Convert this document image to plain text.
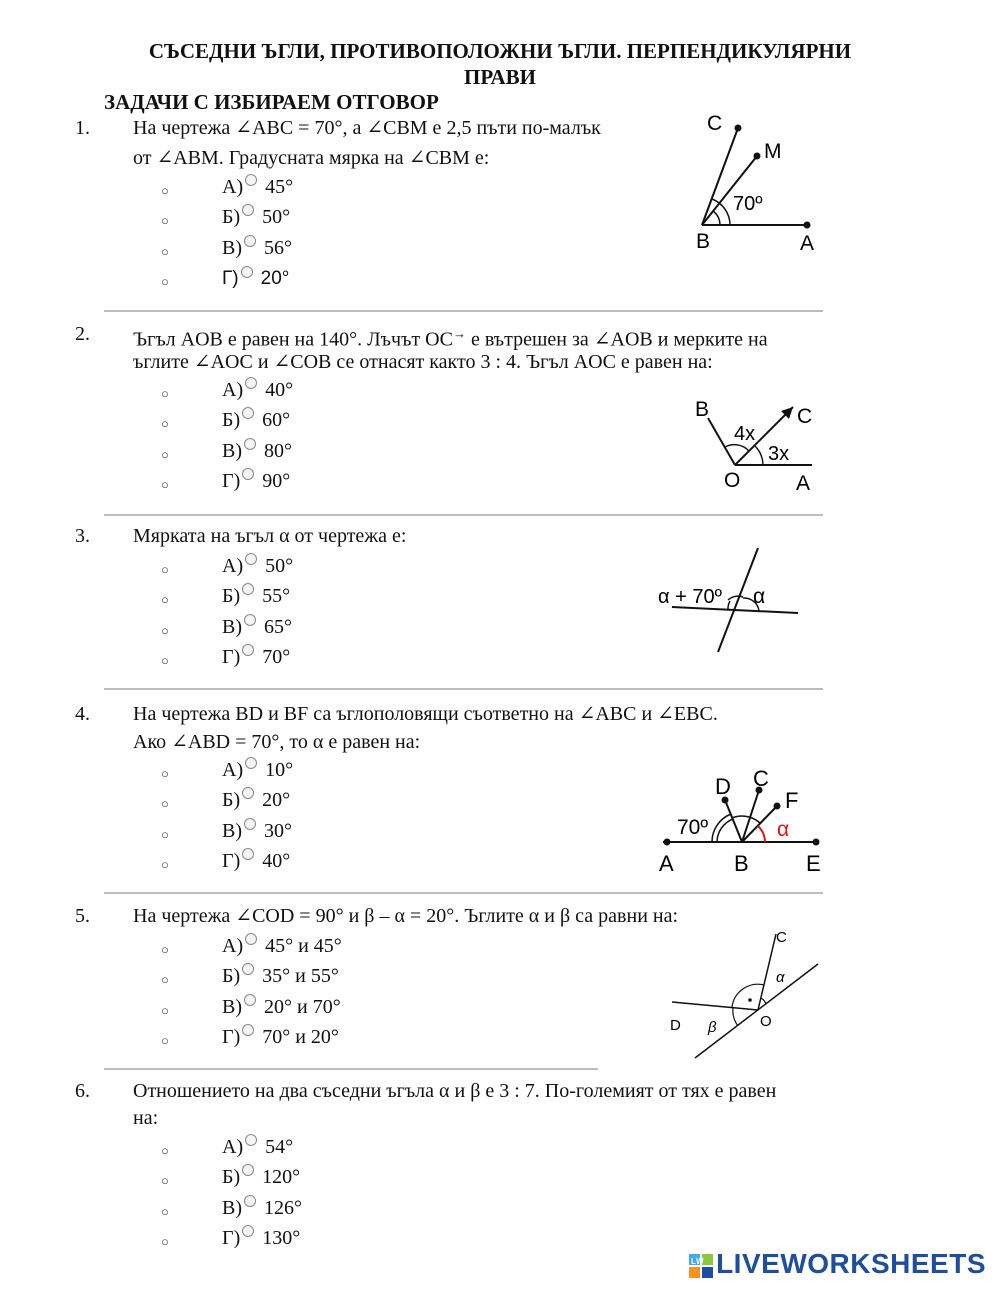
СЪСЕДНИ ЪГЛИ, ПРОТИВОПОЛОЖНИ ЪГЛИ. ПЕРПЕНДИКУЛЯРНИ
ПРАВИ
ЗАДАЧИ С ИЗБИРАЕМ ОТГОВОР
1. На чертежа ∠ABC = 70°, а ∠CBM е 2,5 пъти по-малък
от ∠ABM. Градусната мярка на ∠CBM е:
○	А) 45°
○	Б) 50°
○	В) 56°
○	Г) 20°
C
M
70º
B	A
2. Ъгъл AOB е равен на 140°. Лъчът OC→ е вътрешен за ∠AOB и мерките на
ъглите ∠AOC и ∠COB се отнасят както 3 : 4. Ъгъл AOC е равен на:
○	А) 40°
○	Б) 60°
○	В) 80°
○	Г) 90°
B	C
4x
3x
O	A
3. Мярката на ъгъл α от чертежа е:
○	А) 50°
○	Б) 55°
○	В) 65°
○	Г) 70°
α + 70º α
4. На чертежа BD и BF са ъглополовящи съответно на ∠ABC и ∠EBC.
Ако ∠ABD = 70°, то α е равен на:
○	А) 10°
○	Б) 20°
○	В) 30°
○	Г) 40°
D C
F
70º	α
A	B	E
5. На чертежа ∠COD = 90° и β – α = 20°. Ъглите α и β са равни на:
○	А) 45° и 45°
○	Б) 35° и 55°
○	В) 20° и 70°
○	Г) 70° и 20°
C
α
D β	O
6. Отношението на два съседни ъгъла α и β е 3 : 7. По-големият от тях е равен
на:
○	А) 54°
○	Б) 120°
○	В) 126°
○	Г) 130°
LW LIVEWORKSHEETS
